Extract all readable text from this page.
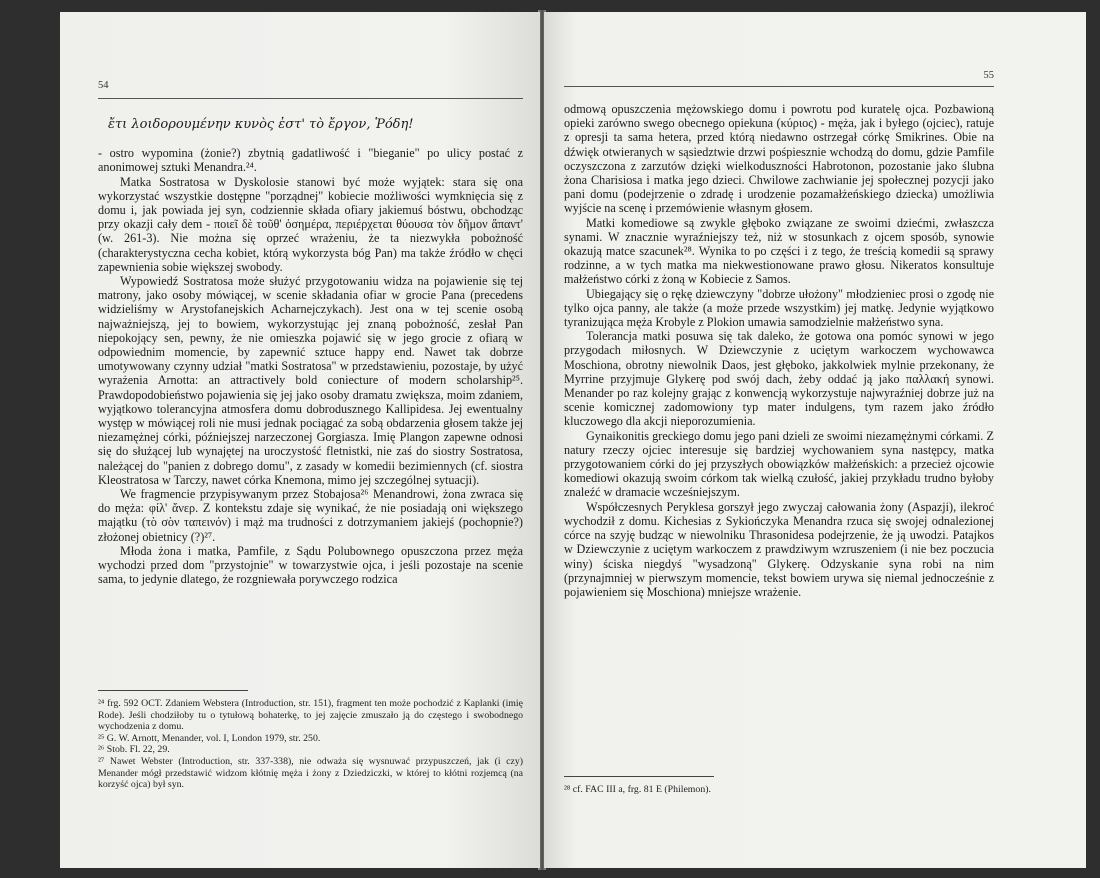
54

ἔτι λοιδορουμένην κυνὸς ἐστ' τὸ ἔργον, Ῥόδη!

- ostro wypomina (żonie?) zbytnią gadatliwość i "bieganie" po ulicy postać z anonimowej sztuki Menandra.²⁴.

Matka Sostratosa w Dyskolosie stanowi być może wyjątek: stara się ona wykorzystać wszystkie dostępne "porządnej" kobiecie możliwości wymknięcia się z domu i, jak powiada jej syn, codziennie składa ofiary jakiemuś bóstwu, obchodząc przy okazji cały dem - ποιεῖ δὲ τοῦθ' ὁσημέρα, περιέρχεται θύουσα τὸν δῆμον ἅπαντ' (w. 261-3). Nie można się oprzeć wrażeniu, że ta niezwykła pobożność (charakterystyczna cecha kobiet, którą wykorzysta bóg Pan) ma także źródło w chęci zapewnienia sobie większej swobody.

Wypowiedź Sostratosa może służyć przygotowaniu widza na pojawienie się tej matrony, jako osoby mówiącej, w scenie składania ofiar w grocie Pana (precedens widzieliśmy w Arystofanejskich Acharnejczykach). Jest ona w tej scenie osobą najważniejszą, jej to bowiem, wykorzystując jej znaną pobożność, zesłał Pan niepokojący sen, pewny, że nie omieszka pojawić się w jego grocie z ofiarą w odpowiednim momencie, by zapewnić sztuce happy end. Nawet tak dobrze umotywowany czynny udział "matki Sostratosa" w przedstawieniu, pozostaje, by użyć wyrażenia Arnotta: an attractively bold coniecture of modern scholarship²⁵. Prawdopodobieństwo pojawienia się jej jako osoby dramatu zwiększa, moim zdaniem, wyjątkowo tolerancyjna atmosfera domu dobrodusznego Kallipidesa. Jej ewentualny występ w mówiącej roli nie musi jednak pociągać za sobą obdarzenia głosem także jej niezamężnej córki, późniejszej narzeczonej Gorgiasza. Imię Plangon zapewne odnosi się do służącej lub wynajętej na uroczystość fletnistki, nie zaś do siostry Sostratosa, należącej do "panien z dobrego domu", z zasady w komedii bezimiennych (cf. siostra Kleostratosa w Tarczy, nawet córka Knemona, mimo jej szczególnej sytuacji).

We fragmencie przypisywanym przez Stobajosa²⁶ Menandrowi, żona zwraca się do męża: φίλ' ἄνερ. Z kontekstu zdaje się wynikać, że nie posiadają oni większego majątku (τὸ σὸν ταπεινόν) i mąż ma trudności z dotrzymaniem jakiejś (pochopnie?) złożonej obietnicy (?)²⁷.

Młoda żona i matka, Pamfile, z Sądu Polubownego opuszczona przez męża wychodzi przed dom "przystojnie" w towarzystwie ojca, i jeśli pozostaje na scenie sama, to jedynie dlatego, że rozgniewała porywczego rodzica

²⁴ frg. 592 OCT. Zdaniem Webstera (Introduction, str. 151), fragment ten może pochodzić z Kaplanki (imię Rode). Jeśli chodziłoby tu o tytułową bohaterkę, to jej zajęcie zmuszało ją do częstego i swobodnego wychodzenia z domu.

²⁵ G. W. Arnott, Menander, vol. I, London 1979, str. 250.

²⁶ Stob. Fl. 22, 29.

²⁷ Nawet Webster (Introduction, str. 337-338), nie odważa się wysnuwać przypuszczeń, jak (i czy) Menander mógł przedstawić widzom kłótnię męża i żony z Dziedziczki, w której to kłótni rozjemcą (na korzyść ojca) był syn.

55

odmową opuszczenia mężowskiego domu i powrotu pod kuratelę ojca. Pozbawioną opieki zarówno swego obecnego opiekuna (κύριος) - męża, jak i byłego (ojciec), ratuje z opresji ta sama hetera, przed którą niedawno ostrzegał córkę Smikrines. Obie na dźwięk otwieranych w sąsiedztwie drzwi pośpiesznie wchodzą do domu, gdzie Pamfile oczyszczona z zarzutów dzięki wielkoduszności Habrotonon, pozostanie jako ślubna żona Charisiosa i matka jego dzieci. Chwilowe zachwianie jej społecznej pozycji jako pani domu (podejrzenie o zdradę i urodzenie pozamałżeńskiego dziecka) umożliwia wyjście na scenę i przemówienie własnym głosem.

Matki komediowe są zwykle głęboko związane ze swoimi dziećmi, zwłaszcza synami. W znacznie wyraźniejszy też, niż w stosunkach z ojcem sposób, synowie okazują matce szacunek²⁸. Wynika to po części i z tego, że treścią komedii są sprawy rodzinne, a w tych matka ma niekwestionowane prawo głosu. Nikeratos konsultuje małżeństwo córki z żoną w Kobiecie z Samos.

Ubiegający się o rękę dziewczyny "dobrze ułożony" młodzieniec prosi o zgodę nie tylko ojca panny, ale także (a może przede wszystkim) jej matkę. Jedynie wyjątkowo tyranizująca męża Krobyle z Plokion umawia samodzielnie małżeństwo syna.

Tolerancja matki posuwa się tak daleko, że gotowa ona pomóc synowi w jego przygodach miłosnych. W Dziewczynie z uciętym warkoczem wychowawca Moschiona, obrotny niewolnik Daos, jest głęboko, jakkolwiek mylnie przekonany, że Myrrine przyjmuje Glykerę pod swój dach, żeby oddać ją jako παλλακή synowi. Menander po raz kolejny grając z konwencją wykorzystuje najwyraźniej dobrze już na scenie komicznej zadomowiony typ mater indulgens, tym razem jako źródło kluczowego dla akcji nieporozumienia.

Gynaikonitis greckiego domu jego pani dzieli ze swoimi niezamężnymi córkami. Z natury rzeczy ojciec interesuje się bardziej wychowaniem syna następcy, matka przygotowaniem córki do jej przyszłych obowiązków małżeńskich: a przecież ojcowie komediowi okazują swoim córkom tak wielką czułość, jakiej przykładu trudno byłoby znaleźć w dramacie wcześniejszym.

Współczesnych Peryklesa gorszył jego zwyczaj całowania żony (Aspazji), ilekroć wychodził z domu. Kichesias z Sykiończyka Menandra rzuca się swojej odnalezionej córce na szyję budząc w niewolniku Thrasonidesa podejrzenie, że ją uwodzi. Patajkos w Dziewczynie z uciętym warkoczem z prawdziwym wzruszeniem (i nie bez poczucia winy) ściska niegdyś "wysadzoną" Glykerę. Odzyskanie syna robi na nim (przynajmniej w pierwszym momencie, tekst bowiem urywa się niemal jednocześnie z pojawieniem się Moschiona) mniejsze wrażenie.

²⁸ cf. FAC III a, frg. 81 E (Philemon).
